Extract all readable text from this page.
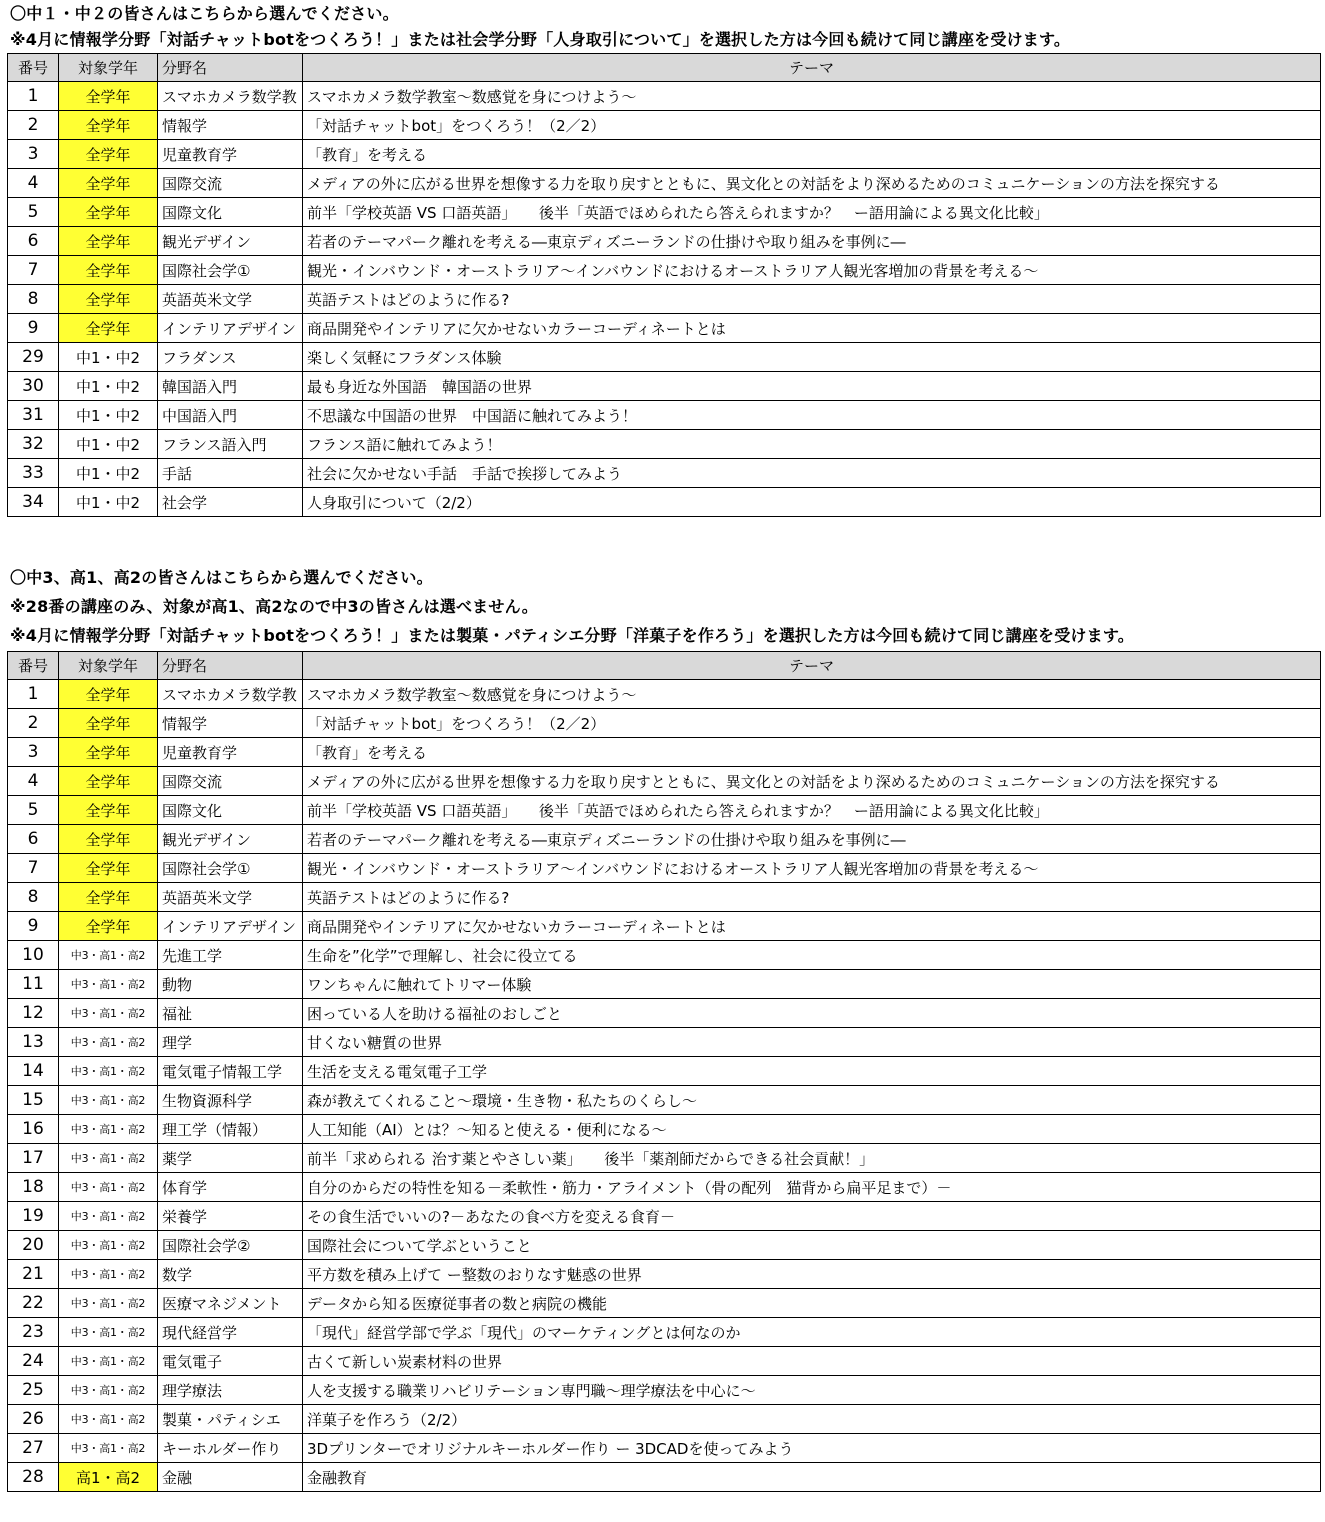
〇中１・中２の皆さんはこちらから選んでください。
※4月に情報学分野「対話チャットbotをつくろう！」または社会学分野「人身取引について」を選択した方は今回も続けて同じ講座を受けます。
番号	対象学年	分野名	テーマ
1	全学年	スマホカメラ数学教	スマホカメラ数学教室～数感覚を身につけよう～
2	全学年	情報学	「対話チャットbot」をつくろう！（2／2）
3	全学年	児童教育学	「教育」を考える
4	全学年	国際交流	メディアの外に広がる世界を想像する力を取り戻すとともに、異文化との対話をより深めるためのコミュニケーションの方法を探究する
5	全学年	国際文化	前半「学校英語 VS 口語英語」　　後半「英語でほめられたら答えられますか？　ー語用論による異文化比較」
6	全学年	観光デザイン	若者のテーマパーク離れを考える―東京ディズニーランドの仕掛けや取り組みを事例に―
7	全学年	国際社会学①	観光・インバウンド・オーストラリア～インバウンドにおけるオーストラリア人観光客増加の背景を考える～
8	全学年	英語英米文学	英語テストはどのように作る?
9	全学年	インテリアデザイン	商品開発やインテリアに欠かせないカラーコーディネートとは
29	中1・中2	フラダンス	楽しく気軽にフラダンス体験
30	中1・中2	韓国語入門	最も身近な外国語　韓国語の世界
31	中1・中2	中国語入門	不思議な中国語の世界　中国語に触れてみよう！
32	中1・中2	フランス語入門	フランス語に触れてみよう！
33	中1・中2	手話	社会に欠かせない手話　手話で挨拶してみよう
34	中1・中2	社会学	人身取引について（2/2）
〇中3、高1、高2の皆さんはこちらから選んでください。
※28番の講座のみ、対象が高1、高2なので中3の皆さんは選べません。
※4月に情報学分野「対話チャットbotをつくろう！」または製菓・パティシエ分野「洋菓子を作ろう」を選択した方は今回も続けて同じ講座を受けます。
番号	対象学年	分野名	テーマ
1	全学年	スマホカメラ数学教	スマホカメラ数学教室～数感覚を身につけよう～
2	全学年	情報学	「対話チャットbot」をつくろう！（2／2）
3	全学年	児童教育学	「教育」を考える
4	全学年	国際交流	メディアの外に広がる世界を想像する力を取り戻すとともに、異文化との対話をより深めるためのコミュニケーションの方法を探究する
5	全学年	国際文化	前半「学校英語 VS 口語英語」　　後半「英語でほめられたら答えられますか？　ー語用論による異文化比較」
6	全学年	観光デザイン	若者のテーマパーク離れを考える―東京ディズニーランドの仕掛けや取り組みを事例に―
7	全学年	国際社会学①	観光・インバウンド・オーストラリア～インバウンドにおけるオーストラリア人観光客増加の背景を考える～
8	全学年	英語英米文学	英語テストはどのように作る?
9	全学年	インテリアデザイン	商品開発やインテリアに欠かせないカラーコーディネートとは
10	中3・高1・高2	先進工学	生命を”化学”で理解し、社会に役立てる
11	中3・高1・高2	動物	ワンちゃんに触れてトリマー体験
12	中3・高1・高2	福祉	困っている人を助ける福祉のおしごと
13	中3・高1・高2	理学	甘くない糖質の世界
14	中3・高1・高2	電気電子情報工学	生活を支える電気電子工学
15	中3・高1・高2	生物資源科学	森が教えてくれること～環境・生き物・私たちのくらし～
16	中3・高1・高2	理工学（情報）	人工知能（AI）とは？～知ると使える・便利になる～
17	中3・高1・高2	薬学	前半「求められる 治す薬とやさしい薬」　　後半「薬剤師だからできる社会貢献！」
18	中3・高1・高2	体育学	自分のからだの特性を知る－柔軟性・筋力・アライメント（骨の配列　猫背から扁平足まで）－
19	中3・高1・高2	栄養学	その食生活でいいの?－あなたの食べ方を変える食育－
20	中3・高1・高2	国際社会学②	国際社会について学ぶということ
21	中3・高1・高2	数学	平方数を積み上げて ー整数のおりなす魅惑の世界
22	中3・高1・高2	医療マネジメント	データから知る医療従事者の数と病院の機能
23	中3・高1・高2	現代経営学	「現代」経営学部で学ぶ「現代」のマーケティングとは何なのか
24	中3・高1・高2	電気電子	古くて新しい炭素材料の世界
25	中3・高1・高2	理学療法	人を支援する職業リハビリテーション専門職～理学療法を中心に～
26	中3・高1・高2	製菓・パティシエ	洋菓子を作ろう（2/2）
27	中3・高1・高2	キーホルダー作り	3Dプリンターでオリジナルキーホルダー作り ー 3DCADを使ってみよう
28	高1・高2	金融	金融教育
